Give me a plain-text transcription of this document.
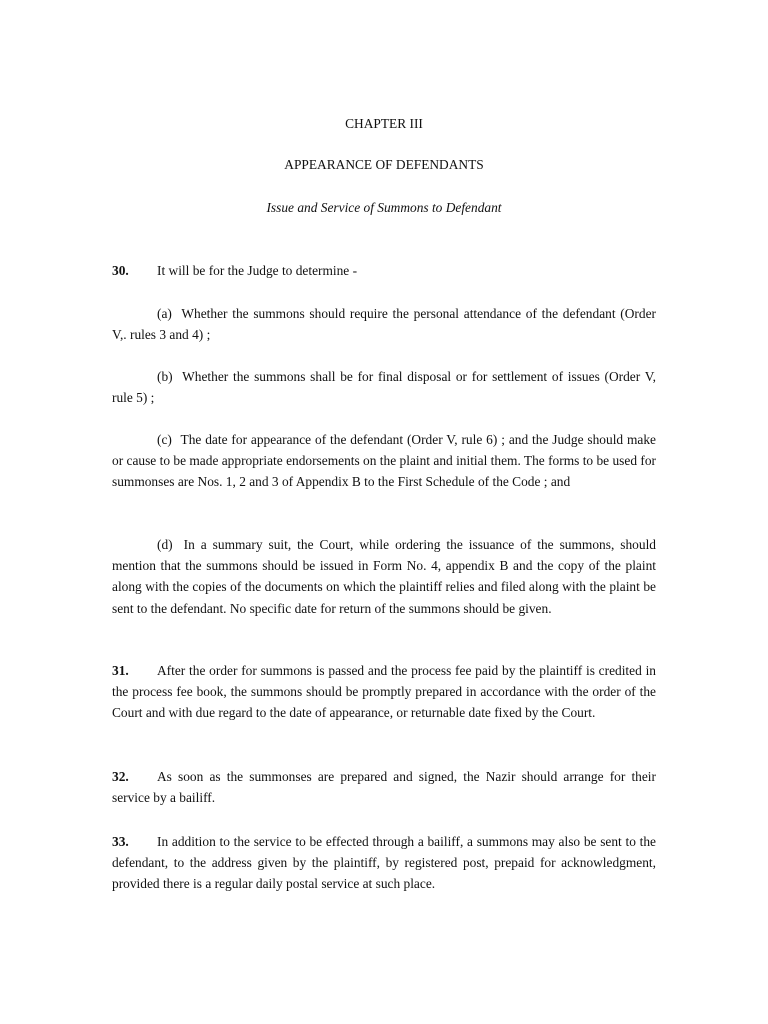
CHAPTER III
APPEARANCE OF DEFENDANTS
Issue and Service of Summons to Defendant
30. It will be for the Judge to determine -
(a) Whether the summons should require the personal attendance of the defendant (Order V,. rules 3 and 4) ;
(b) Whether the summons shall be for final disposal or for settlement of issues (Order V, rule 5) ;
(c) The date for appearance of the defendant (Order V, rule 6) ; and the Judge should make or cause to be made appropriate endorsements on the plaint and initial them. The forms to be used for summonses are Nos. 1, 2 and 3 of Appendix B to the First Schedule of the Code ; and
(d) In a summary suit, the Court, while ordering the issuance of the summons, should mention that the summons should be issued in Form No. 4, appendix B and the copy of the plaint along with the copies of the documents on which the plaintiff relies and filed along with the plaint be sent to the defendant. No specific date for return of the summons should be given.
31. After the order for summons is passed and the process fee paid by the plaintiff is credited in the process fee book, the summons should be promptly prepared in accordance with the order of the Court and with due regard to the date of appearance, or returnable date fixed by the Court.
32. As soon as the summonses are prepared and signed, the Nazir should arrange for their service by a bailiff.
33. In addition to the service to be effected through a bailiff, a summons may also be sent to the defendant, to the address given by the plaintiff, by registered post, prepaid for acknowledgment, provided there is a regular daily postal service at such place.
